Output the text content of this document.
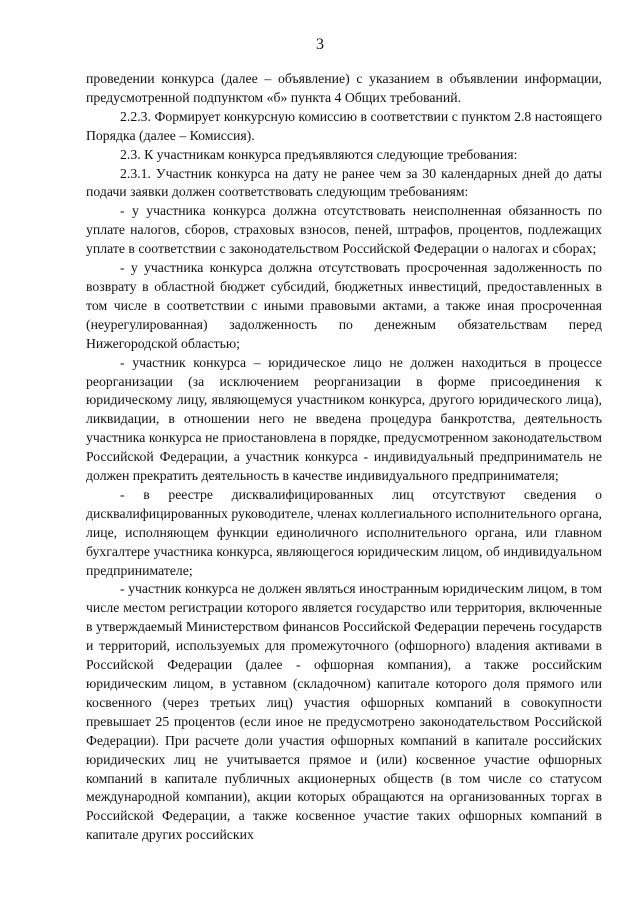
3

проведении конкурса (далее – объявление) с указанием в объявлении информации, предусмотренной подпунктом «б» пункта 4 Общих требований.

2.2.3. Формирует конкурсную комиссию в соответствии с пунктом 2.8 настоящего Порядка (далее – Комиссия).

2.3. К участникам конкурса предъявляются следующие требования:

2.3.1. Участник конкурса на дату не ранее чем за 30 календарных дней до даты подачи заявки должен соответствовать следующим требованиям:

- у участника конкурса должна отсутствовать неисполненная обязанность по уплате налогов, сборов, страховых взносов, пеней, штрафов, процентов, подлежащих уплате в соответствии с законодательством Российской Федерации о налогах и сборах;

- у участника конкурса должна отсутствовать просроченная задолженность по возврату в областной бюджет субсидий, бюджетных инвестиций, предоставленных в том числе в соответствии с иными правовыми актами, а также иная просроченная (неурегулированная) задолженность по денежным обязательствам перед Нижегородской областью;

- участник конкурса – юридическое лицо не должен находиться в процессе реорганизации (за исключением реорганизации в форме присоединения к юридическому лицу, являющемуся участником конкурса, другого юридического лица), ликвидации, в отношении него не введена процедура банкротства, деятельность участника конкурса не приостановлена в порядке, предусмотренном законодательством Российской Федерации, а участник конкурса - индивидуальный предприниматель не должен прекратить деятельность в качестве индивидуального предпринимателя;

- в реестре дисквалифицированных лиц отсутствуют сведения о дисквалифицированных руководителе, членах коллегиального исполнительного органа, лице, исполняющем функции единоличного исполнительного органа, или главном бухгалтере участника конкурса, являющегося юридическим лицом, об индивидуальном предпринимателе;

- участник конкурса не должен являться иностранным юридическим лицом, в том числе местом регистрации которого является государство или территория, включенные в утверждаемый Министерством финансов Российской Федерации перечень государств и территорий, используемых для промежуточного (офшорного) владения активами в Российской Федерации (далее - офшорная компания), а также российским юридическим лицом, в уставном (складочном) капитале которого доля прямого или косвенного (через третьих лиц) участия офшорных компаний в совокупности превышает 25 процентов (если иное не предусмотрено законодательством Российской Федерации). При расчете доли участия офшорных компаний в капитале российских юридических лиц не учитывается прямое и (или) косвенное участие офшорных компаний в капитале публичных акционерных обществ (в том числе со статусом международной компании), акции которых обращаются на организованных торгах в Российской Федерации, а также косвенное участие таких офшорных компаний в капитале других российских
